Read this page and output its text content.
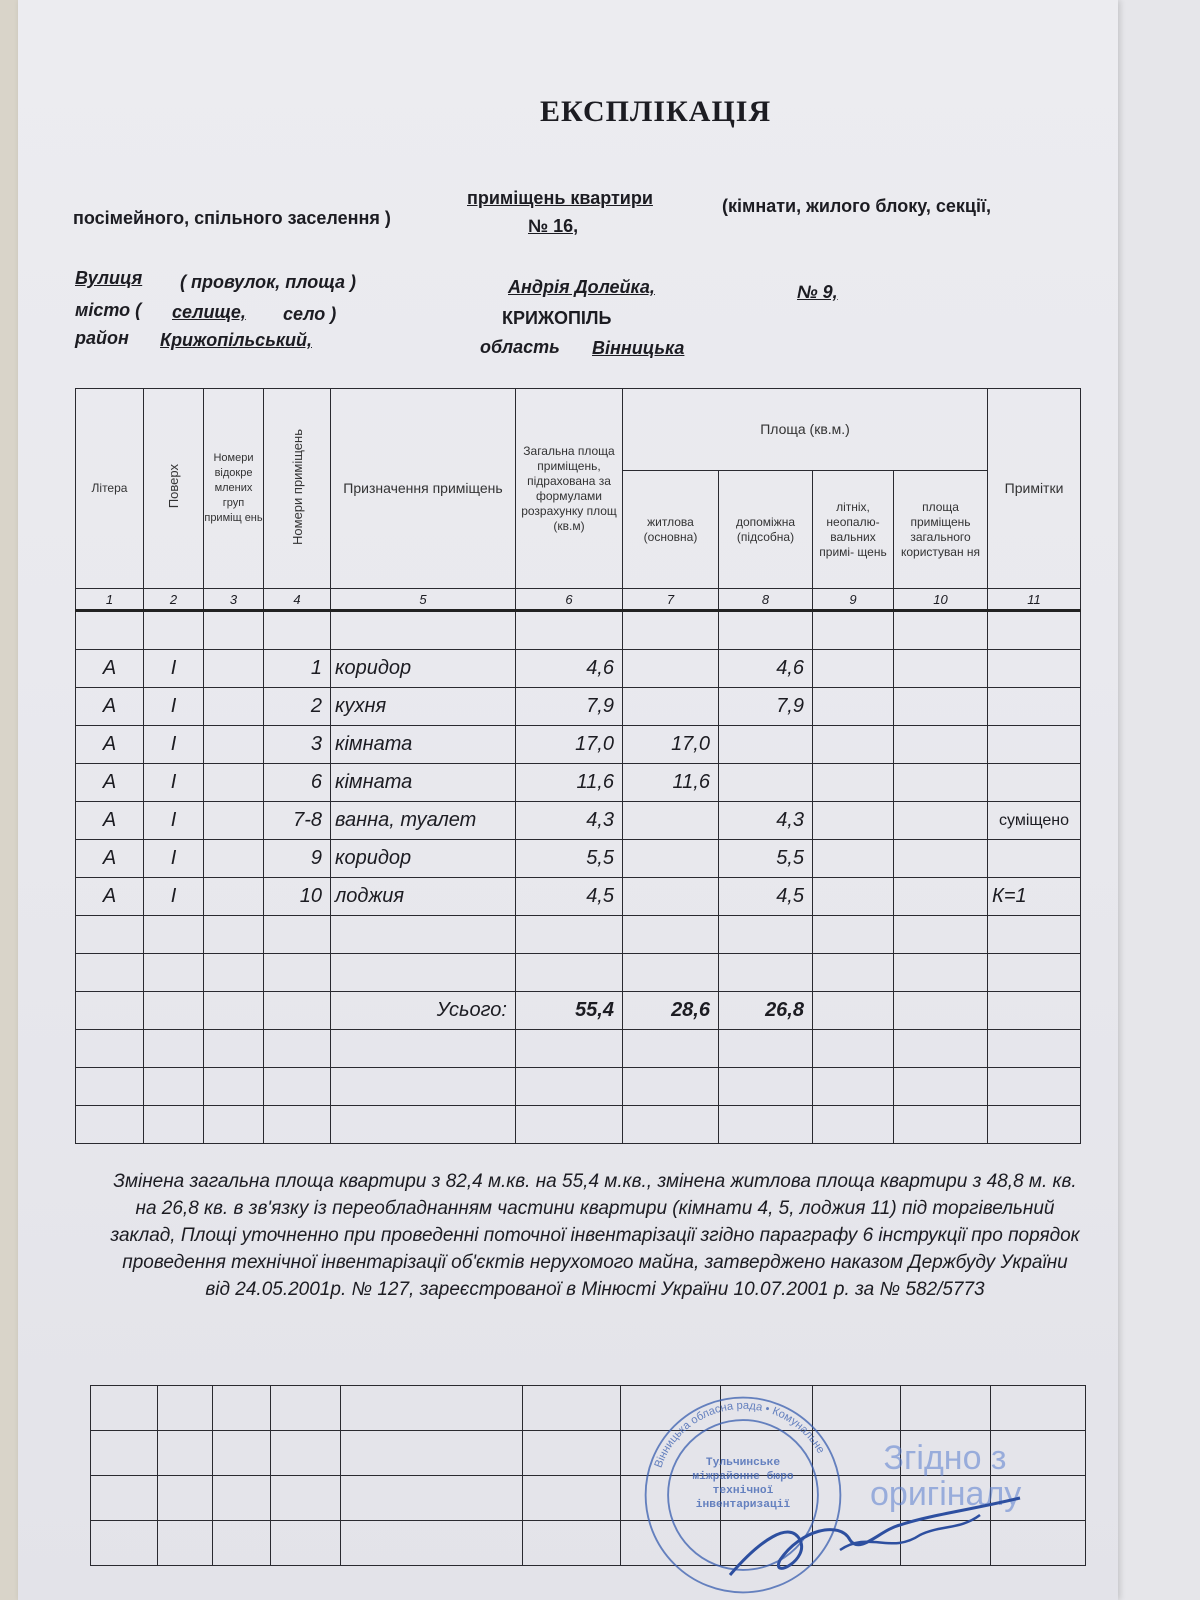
ЕКСПЛІКАЦІЯ
приміщень квартири	(кімнати, жилого блоку, секції,
посімейного, спільного заселення )	№ 16,
Вулиця ( провулок, площа )	Андрія Долейка,	№ 9,
місто ( селище, село )	КРИЖОПІЛЬ
район Крижопільський,	область Вінницька
Літера	Поверх	Номери відокре млених груп приміщ ень	Номери приміщень	Призначення приміщень	Загальна площа приміщень, підрахована за формулами розрахунку площ (кв.м)	Площа (кв.м.)				Примітки
						житлова (основна)	допоміжна (підсобна)	літніх, неопалю- вальних примі- щень	площа приміщень загального користуван ня	
1	2	3	4	5	6	7	8	9	10	11

А	І		1	коридор	4,6		4,6			
А	І		2	кухня	7,9		7,9			
А	І		3	кімната	17,0	17,0				
А	І		6	кімната	11,6	11,6				
А	І		7-8	ванна, туалет	4,3		4,3			суміщено
А	І		9	коридор	5,5		5,5			
А	І		10	лоджия	4,5		4,5			К=1

				Усього:	55,4	28,6	26,8			

Змінена загальна площа квартири з 82,4 м.кв. на 55,4 м.кв., змінена житлова площа квартири з 48,8 м. кв. на 26,8 кв. в зв'язку із переобладнанням частини квартири (кімнати 4, 5, лоджия 11) під торгівельний заклад, Площі уточненно при проведенні поточної інвентарізації згідно параграфу 6 інструкції про порядок проведення технічної інвентарізації об'єктів нерухомого майна, затверджено наказом Держбуду України від 24.05.2001р. № 127, зареєстрованої в Мінюсті України 10.07.2001 р. за № 582/5773

Вінницька обласна рада • Комунальне
Тульчинське міжрайонне бюро технічної інвентаризації
Згідно з оригіналу
